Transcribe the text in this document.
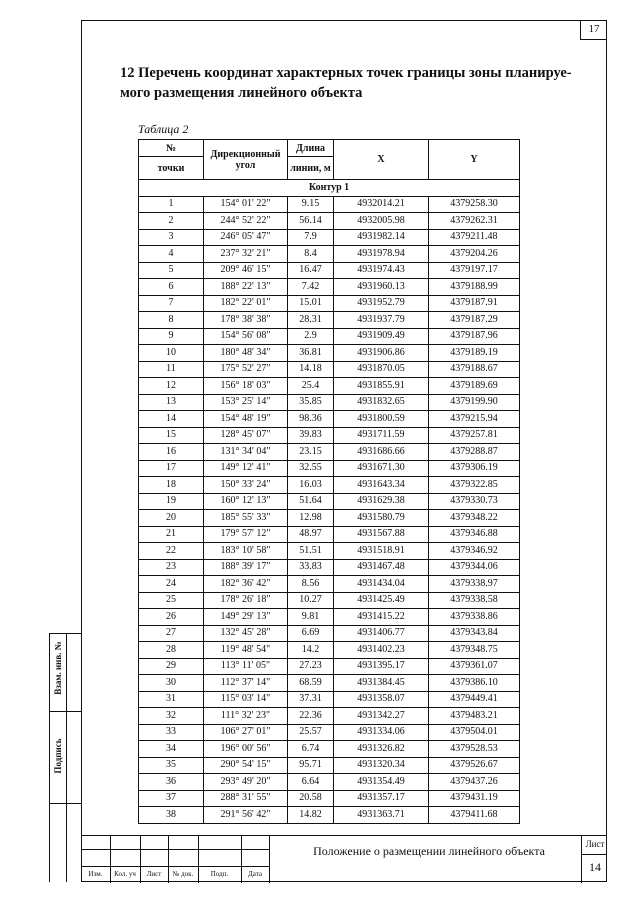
17
12 Перечень координат характерных точек границы зоны планируе-мого размещения линейного объекта
Таблица 2
№	Дирекционный угол	Длина	X	Y
точки		линии, м		
Контур 1				
1	154° 01' 22"	9.15	4932014.21	4379258.30
2	244° 52' 22"	56.14	4932005.98	4379262.31
3	246° 05' 47"	7.9	4931982.14	4379211.48
4	237° 32' 21"	8.4	4931978.94	4379204.26
5	209° 46' 15"	16.47	4931974.43	4379197.17
6	188° 22' 13"	7.42	4931960.13	4379188.99
7	182° 22' 01"	15.01	4931952.79	4379187.91
8	178° 38' 38"	28.31	4931937.79	4379187.29
9	154° 56' 08"	2.9	4931909.49	4379187.96
10	180° 48' 34"	36.81	4931906.86	4379189.19
11	175° 52' 27"	14.18	4931870.05	4379188.67
12	156° 18' 03"	25.4	4931855.91	4379189.69
13	153° 25' 14"	35.85	4931832.65	4379199.90
14	154° 48' 19"	98.36	4931800.59	4379215.94
15	128° 45' 07"	39.83	4931711.59	4379257.81
16	131° 34' 04"	23.15	4931686.66	4379288.87
17	149° 12' 41"	32.55	4931671.30	4379306.19
18	150° 33' 24"	16.03	4931643.34	4379322.85
19	160° 12' 13"	51.64	4931629.38	4379330.73
20	185° 55' 33"	12.98	4931580.79	4379348.22
21	179° 57' 12"	48.97	4931567.88	4379346.88
22	183° 10' 58"	51.51	4931518.91	4379346.92
23	188° 39' 17"	33.83	4931467.48	4379344.06
24	182° 36' 42"	8.56	4931434.04	4379338.97
25	178° 26' 18"	10.27	4931425.49	4379338.58
26	149° 29' 13"	9.81	4931415.22	4379338.86
27	132° 45' 28"	6.69	4931406.77	4379343.84
28	119° 48' 54"	14.2	4931402.23	4379348.75
29	113° 11' 05"	27.23	4931395.17	4379361.07
30	112° 37' 14"	68.59	4931384.45	4379386.10
31	115° 03' 14"	37.31	4931358.07	4379449.41
32	111° 32' 23"	22.36	4931342.27	4379483.21
33	106° 27' 01"	25.57	4931334.06	4379504.01
34	196° 00' 56"	6.74	4931326.82	4379528.53
35	290° 54' 15"	95.71	4931320.34	4379526.67
36	293° 49' 20"	6.64	4931354.49	4379437.26
37	288° 31' 55"	20.58	4931357.17	4379431.19
38	291° 56' 42"	14.82	4931363.71	4379411.68
Взам. инв. №
Подпись
Изм.	Кол. уч	Лист	№ док.	Подп.	Дата
Положение о размещении линейного объекта	Лист
14
